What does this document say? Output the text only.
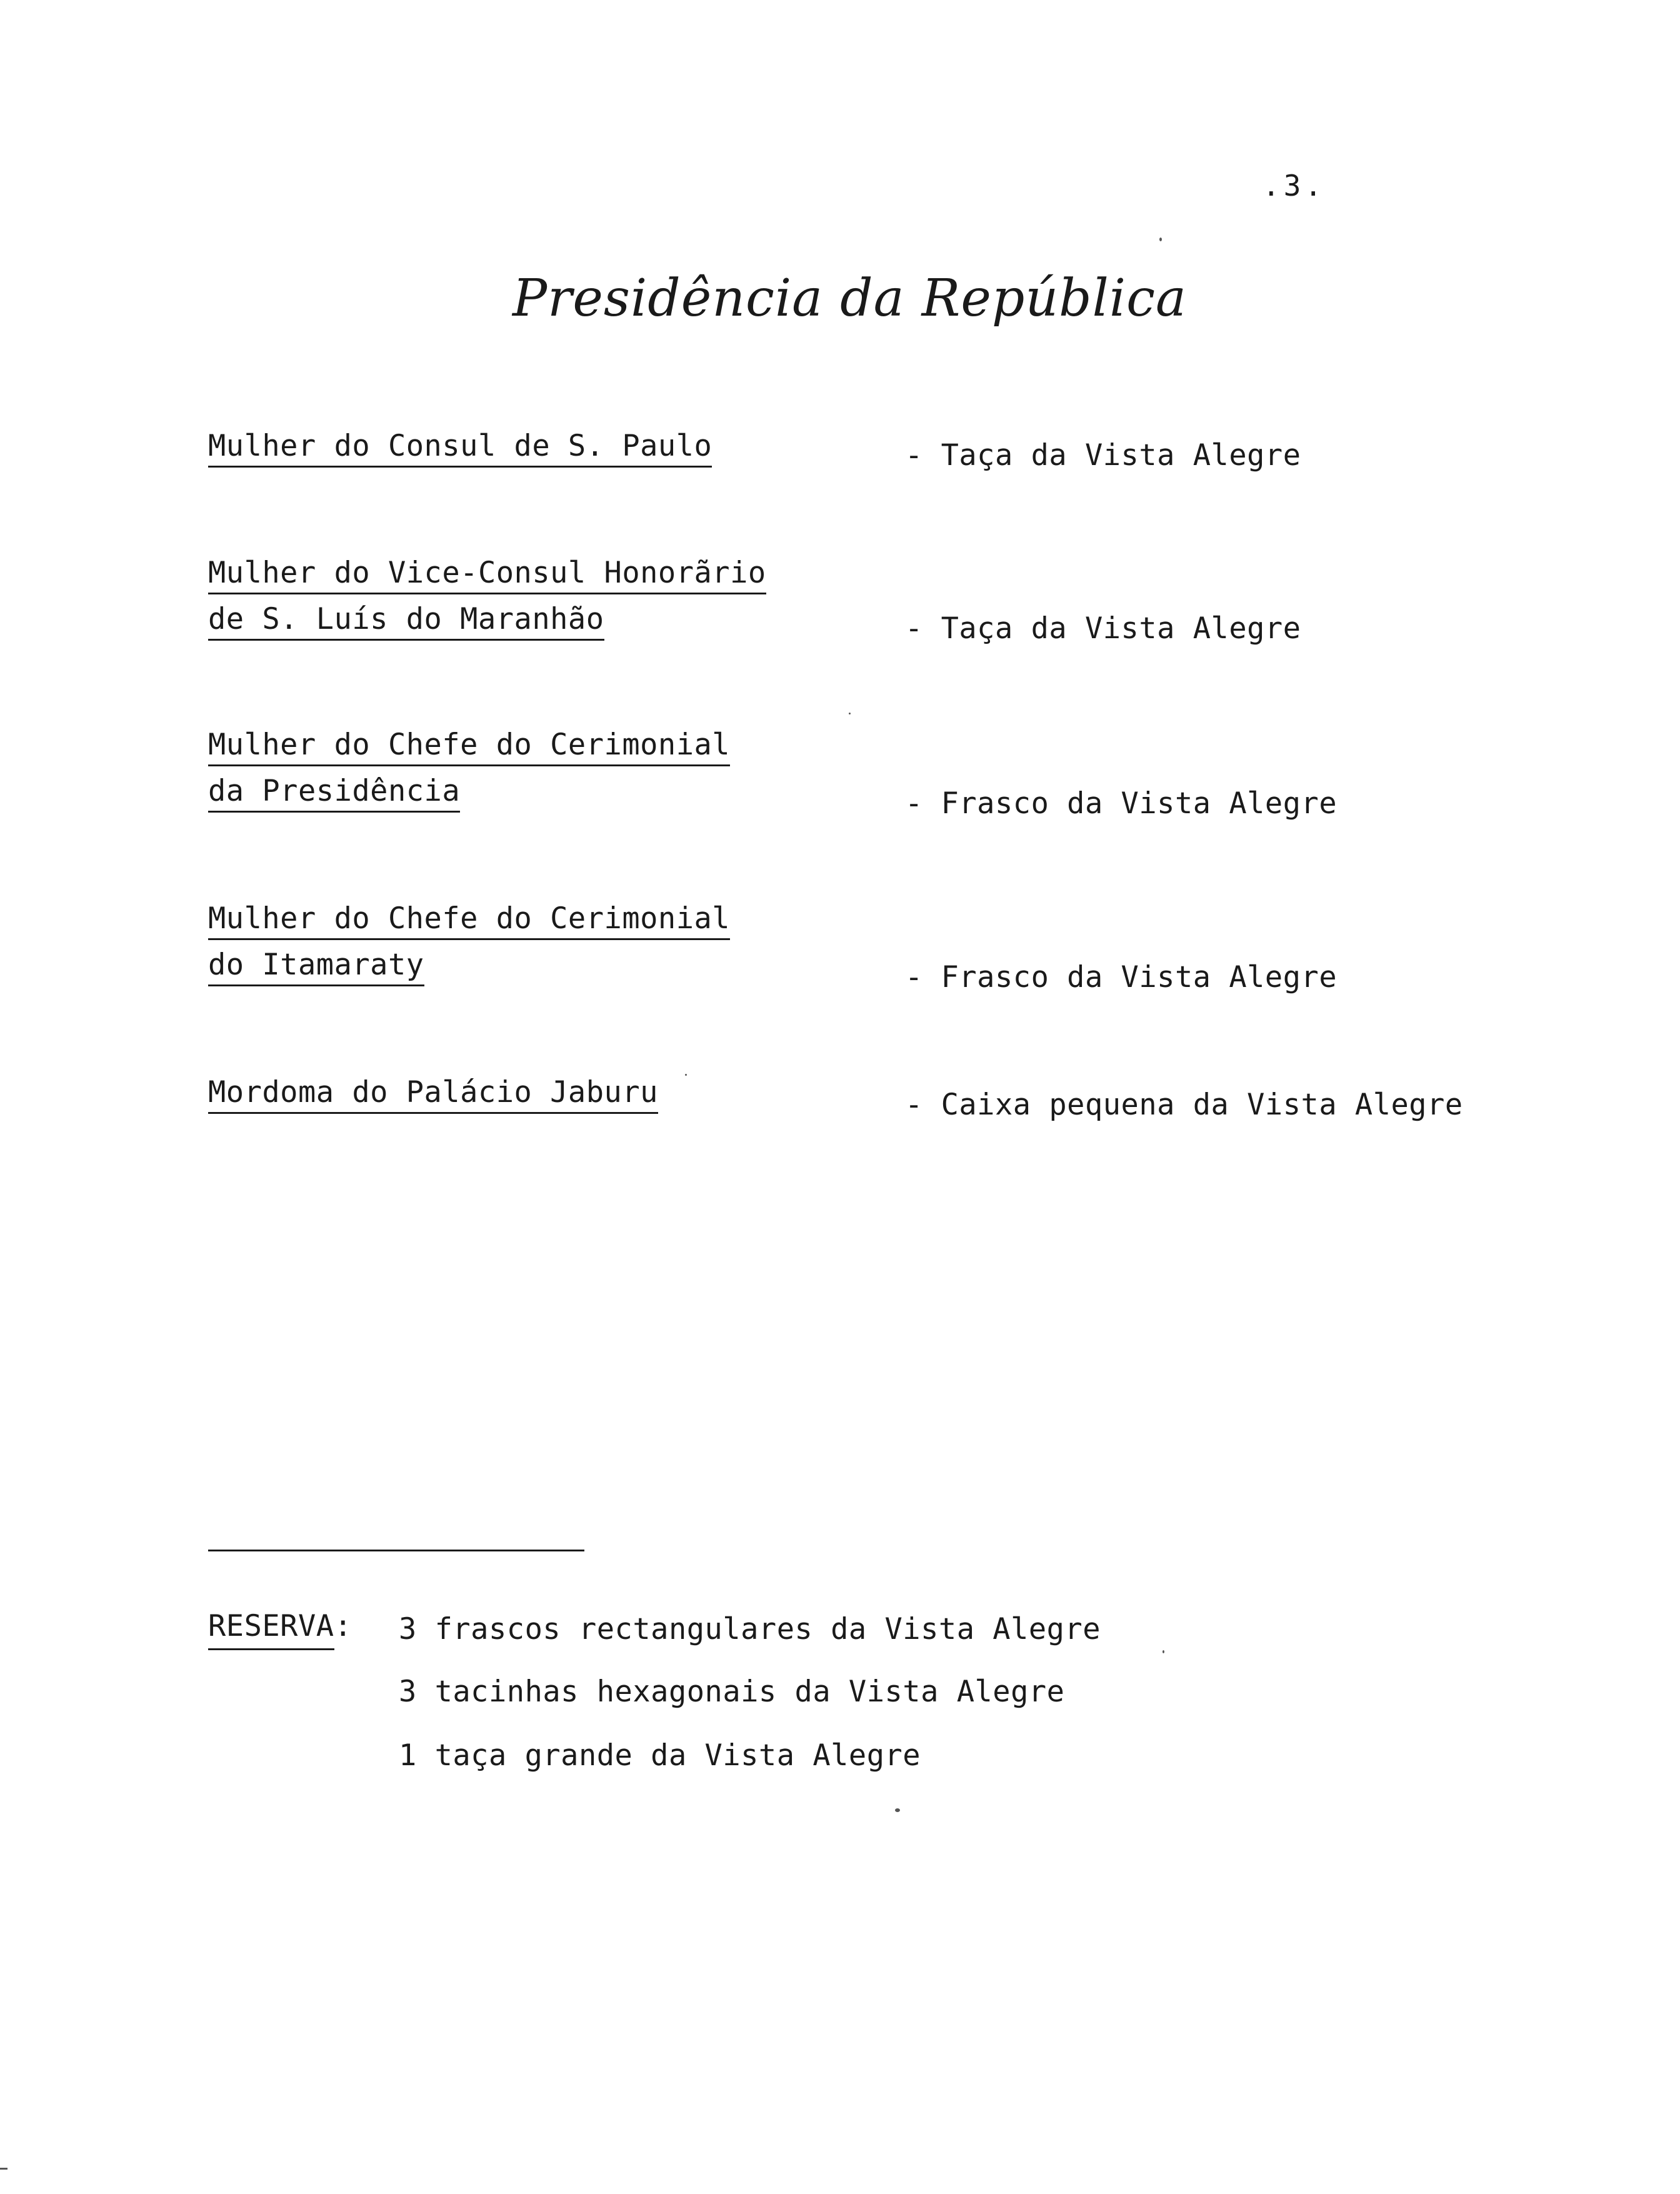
.3.
Presidência da República
Mulher do Consul de S. Paulo	- Taça da Vista Alegre
Mulher do Vice-Consul Honorãrio
de S. Luís do Maranhão	- Taça da Vista Alegre
Mulher do Chefe do Cerimonial
da Presidência	- Frasco da Vista Alegre
Mulher do Chefe do Cerimonial
do Itamaraty	- Frasco da Vista Alegre
Mordoma do Palácio Jaburu	- Caixa pequena da Vista Alegre
RESERVA: 3 frascos rectangulares da Vista Alegre
3 tacinhas hexagonais da Vista Alegre
1 taça grande da Vista Alegre
